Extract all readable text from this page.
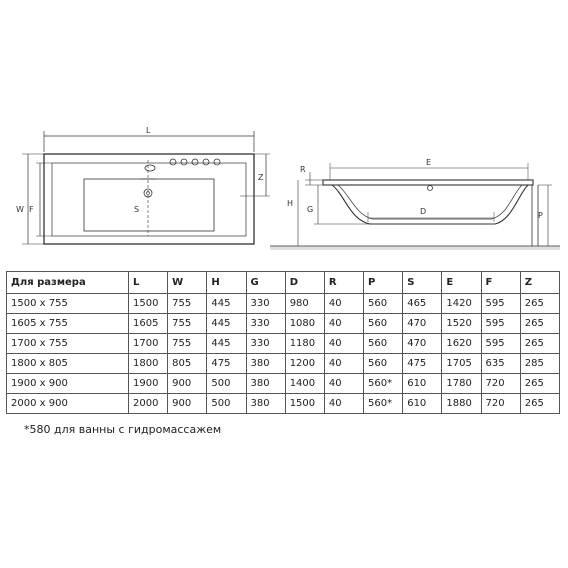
L
W F	S
Z
R
H
G
E
D	P
Для размера	L	W	H	G	D	R	P	S	E	F	Z
1500 x 755	1500	755	445	330	980	40	560	465	1420	595	265
1605 x 755	1605	755	445	330	1080	40	560	470	1520	595	265
1700 x 755	1700	755	445	330	1180	40	560	470	1620	595	265
1800 x 805	1800	805	475	380	1200	40	560	475	1705	635	285
1900 x 900	1900	900	500	380	1400	40	560*	610	1780	720	265
2000 x 900	2000	900	500	380	1500	40	560*	610	1880	720	265
*580 для ванны с гидромассажем
